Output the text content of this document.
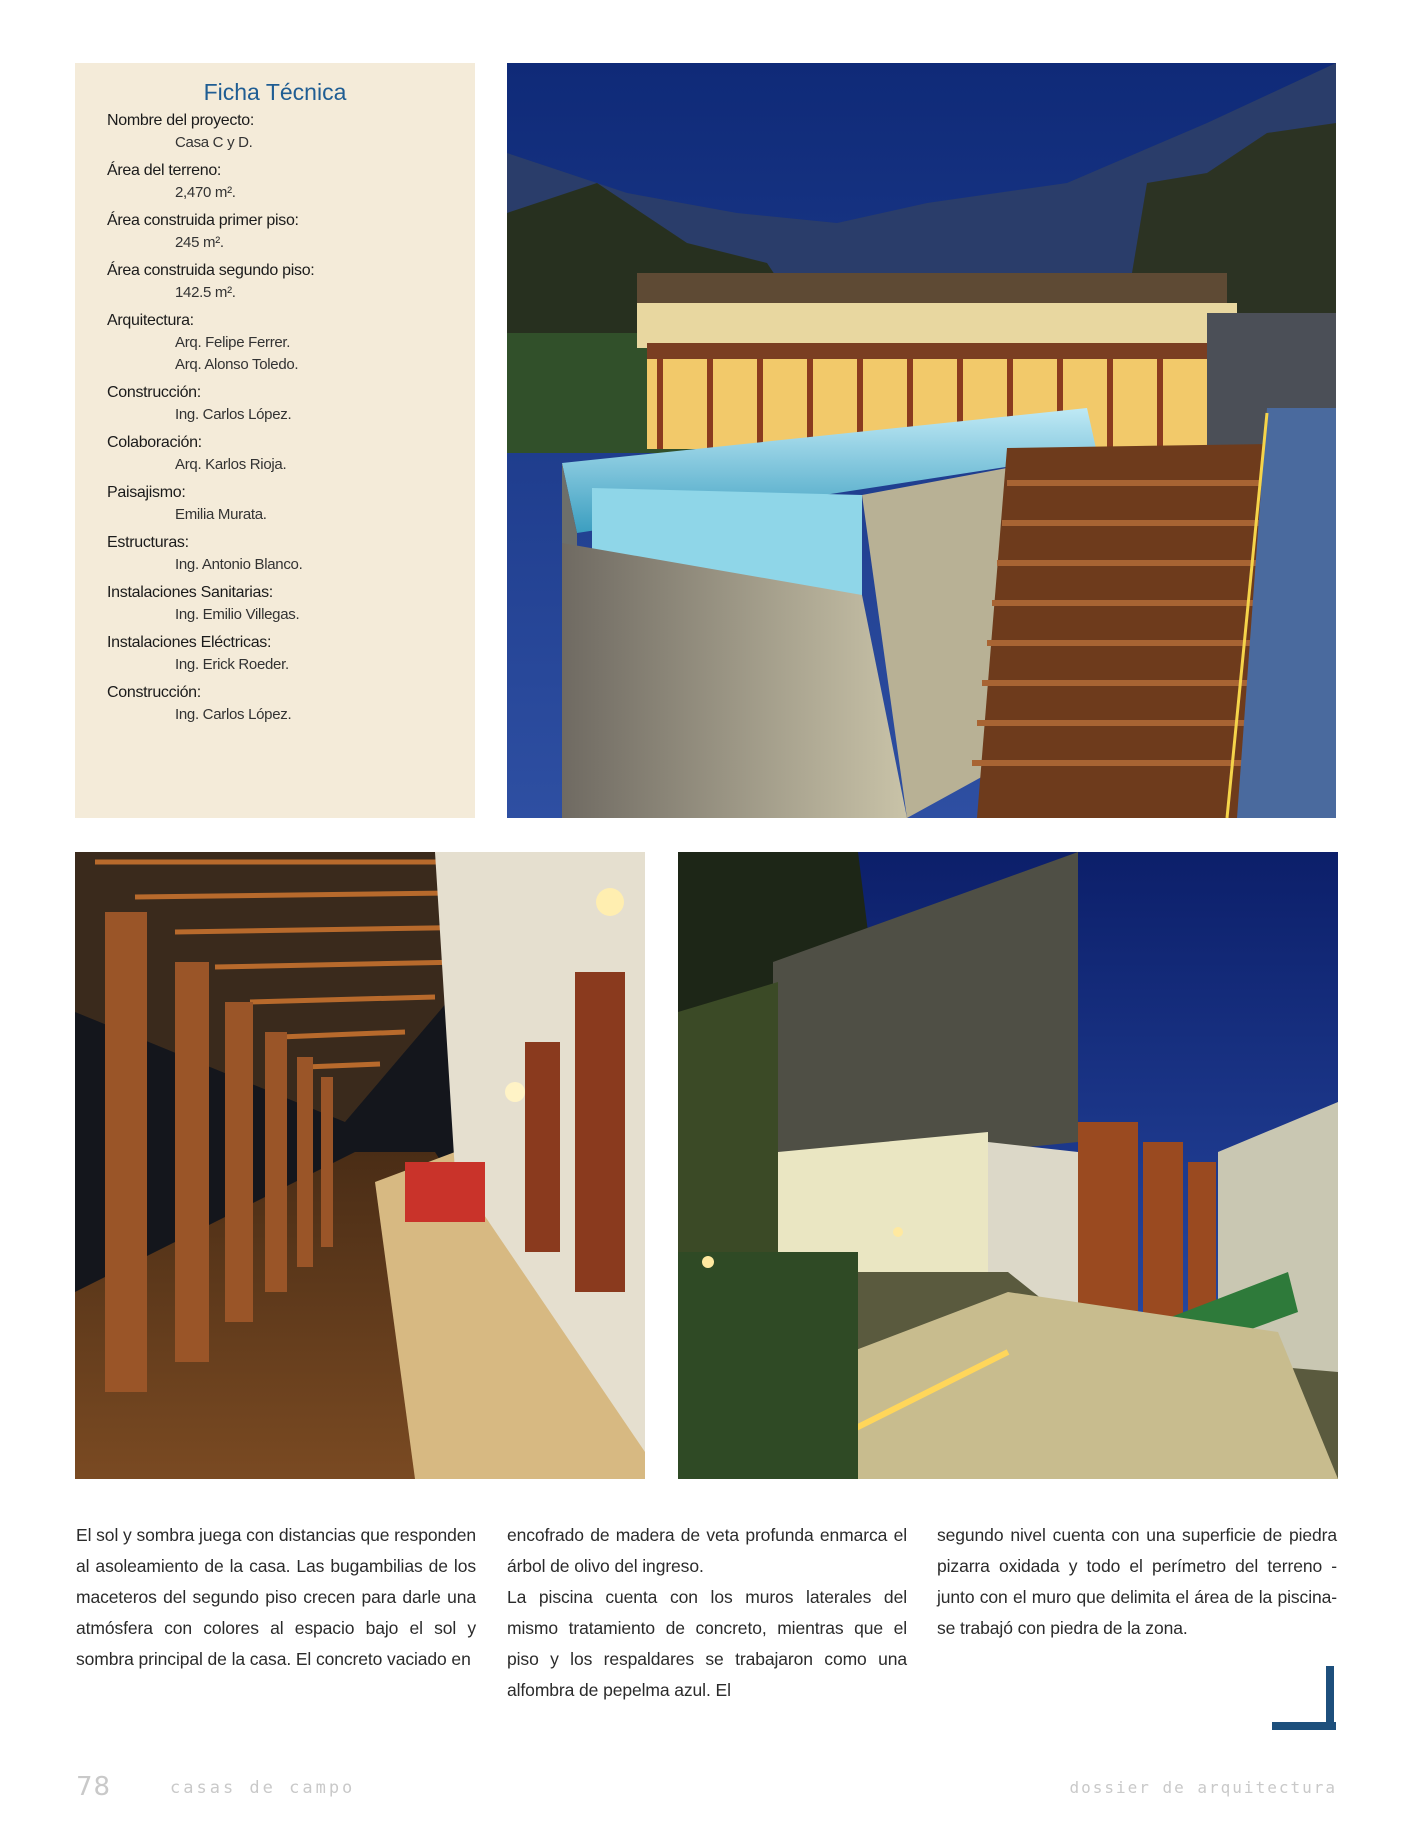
Ficha Técnica
Nombre del proyecto:
Casa C y D.
Área del terreno:
2,470 m².
Área construida primer piso:
245 m².
Área construida segundo piso:
142.5 m².
Arquitectura:
Arq. Felipe Ferrer.
Arq. Alonso Toledo.
Construcción:
Ing. Carlos López.
Colaboración:
Arq. Karlos Rioja.
Paisajismo:
Emilia Murata.
Estructuras:
Ing. Antonio Blanco.
Instalaciones Sanitarias:
Ing. Emilio Villegas.
Instalaciones Eléctricas:
Ing. Erick Roeder.
Construcción:
Ing. Carlos López.

El sol y sombra juega con distancias que responden al asoleamiento de la casa. Las bugambilias de los maceteros del segundo piso crecen para darle una atmósfera con colores al espacio bajo el sol y sombra principal de la casa. El concreto vaciado en

encofrado de madera de veta profunda enmarca el árbol de olivo del ingreso.

La piscina cuenta con los muros laterales del mismo tratamiento de concreto, mientras que el piso y los respaldares se trabajaron como una alfombra de pepelma azul. El

segundo nivel cuenta con una superficie de piedra pizarra oxidada y todo el perímetro del terreno -junto con el muro que delimita el área de la piscina- se trabajó con piedra de la zona.

78	casas de campo	dossier de arquitectura
